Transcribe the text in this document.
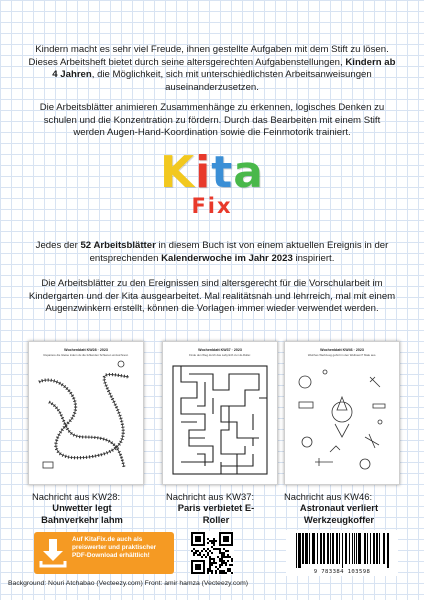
Kindern macht es sehr viel Freude, ihnen gestellte Aufgaben mit dem Stift zu lösen. Dieses Arbeitsheft bietet durch seine altersgerechten Aufgabenstellungen, Kindern ab 4 Jahren, die Möglichkeit, sich mit unterschiedlichsten Arbeitsanweisungen auseinanderzusetzen.
Die Arbeitsblätter animieren Zusammenhänge zu erkennen, logisches Denken zu schulen und die Konzentration zu fördern. Durch das Bearbeiten mit einem Stift werden Augen-Hand-Koordination sowie die Feinmotorik trainiert.
Kita
Fix
Jedes der 52 Arbeitsblätter in diesem Buch ist von einem aktuellen Ereignis in der entsprechenden Kalenderwoche im Jahr 2023 inspiriert.
Die Arbeitsblätter zu den Ereignissen sind altersgerecht für die Vorschularbeit im Kindergarten und der Kita ausgearbeitet. Mal realitätsnah und lehrreich, mal mit einem Augenzwinkern erstellt, können die Vorlagen immer wieder verwendet werden.
Wochenblatt KW28 · 2023
Repariere die Gleise indem du die fehlenden Schienen einzeichnest.
Wochenblatt KW37 · 2023
Finde den Weg durch das Labyrinth zum E-Roller.
Wochenblatt KW46 · 2023
Welches Werkzeug gehört in den Weltraum? Male aus.
Nachricht aus KW28:
Unwetter legt Bahnverkehr lahm
Nachricht aus KW37:
Paris verbietet E-Roller
Nachricht aus KW46:
Astronaut verliert Werkzeugkoffer
Auf KitaFix.de auch als
preiswerter und praktischer
PDF-Download erhältlich!
9 783384 103598
Background: Nouri Atchabao (Vecteezy.com) Front: amir hamza (Vecteezy.com)
